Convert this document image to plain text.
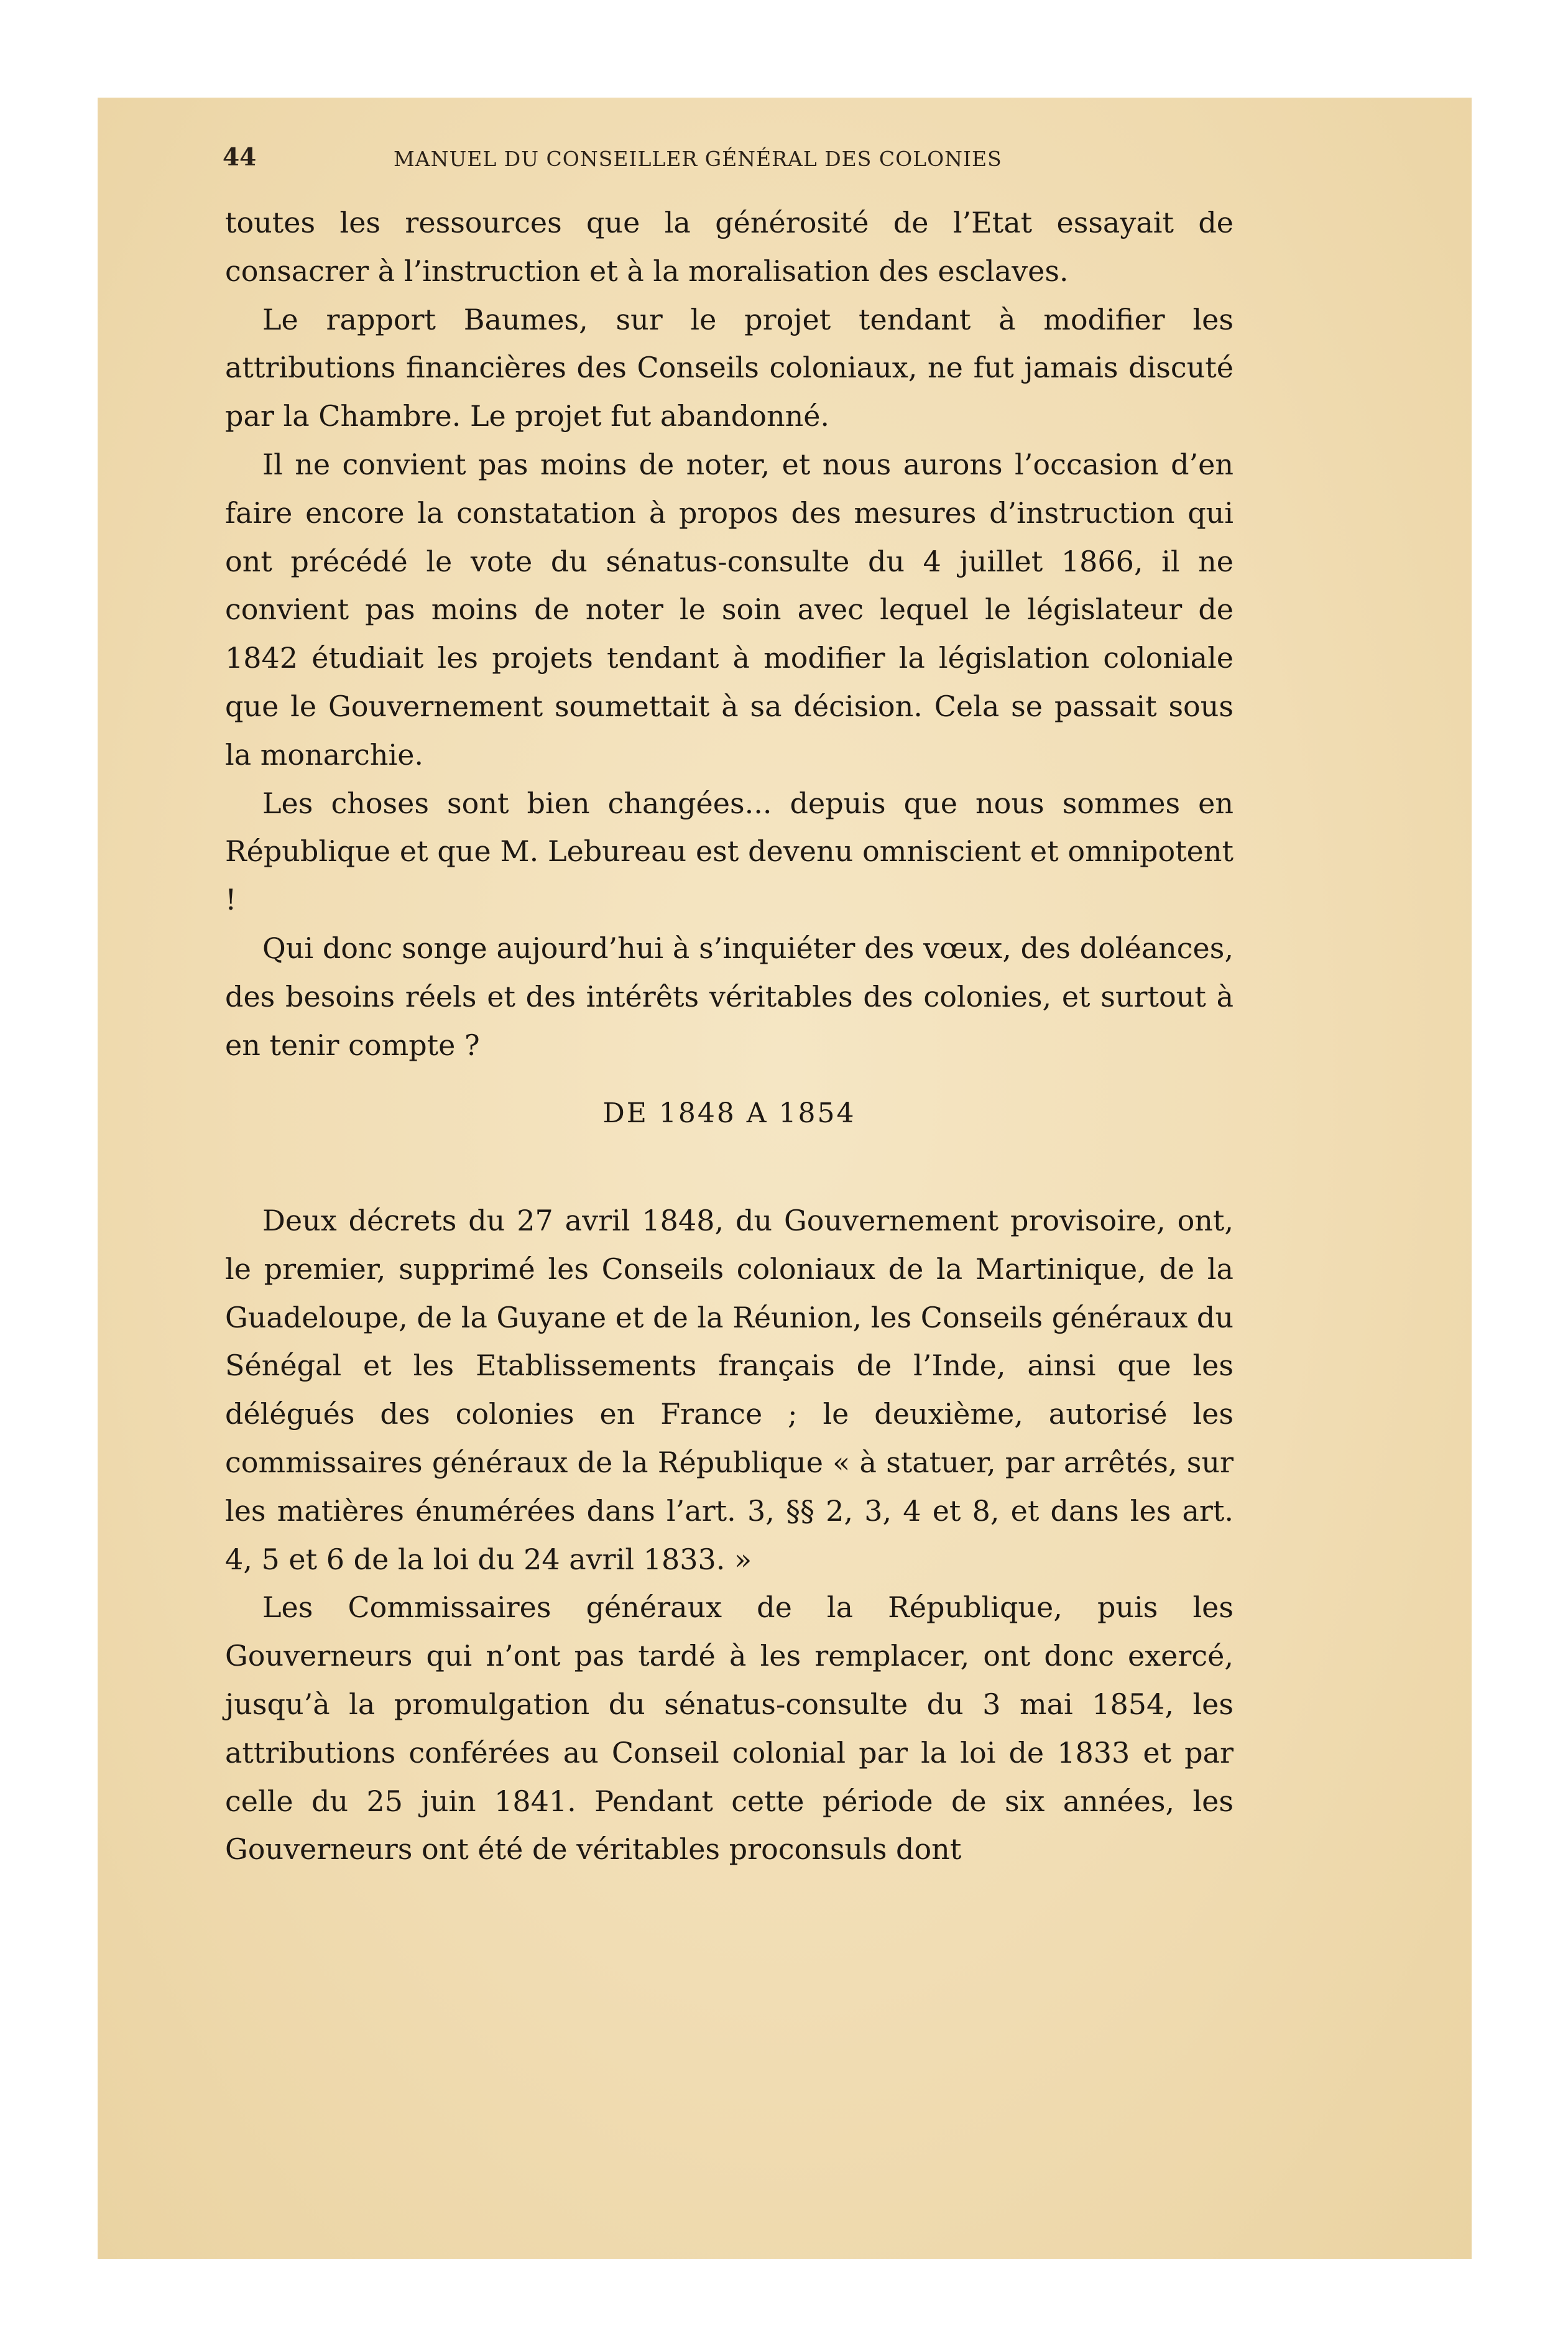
44	MANUEL DU CONSEILLER GÉNÉRAL DES COLONIES

toutes les ressources que la générosité de l’Etat essayait de consacrer à l’instruction et à la moralisation des esclaves.

Le rapport Baumes, sur le projet tendant à modifier les attributions financières des Conseils coloniaux, ne fut jamais discuté par la Chambre. Le projet fut abandonné.

Il ne convient pas moins de noter, et nous aurons l’occasion d’en faire encore la constatation à propos des mesures d’instruction qui ont précédé le vote du sénatus-consulte du 4 juillet 1866, il ne convient pas moins de noter le soin avec lequel le législateur de 1842 étudiait les projets tendant à modifier la législation coloniale que le Gouvernement soumettait à sa décision. Cela se passait sous la monarchie.

Les choses sont bien changées... depuis que nous sommes en République et que M. Lebureau est devenu omniscient et omnipotent !

Qui donc songe aujourd’hui à s’inquiéter des vœux, des doléances, des besoins réels et des intérêts véritables des colonies, et surtout à en tenir compte ?

DE 1848 A 1854

Deux décrets du 27 avril 1848, du Gouvernement provisoire, ont, le premier, supprimé les Conseils coloniaux de la Martinique, de la Guadeloupe, de la Guyane et de la Réunion, les Conseils généraux du Sénégal et les Etablissements français de l’Inde, ainsi que les délégués des colonies en France ; le deuxième, autorisé les commissaires généraux de la République « à statuer, par arrêtés, sur les matières énumérées dans l’art. 3, §§ 2, 3, 4 et 8, et dans les art. 4, 5 et 6 de la loi du 24 avril 1833. »

Les Commissaires généraux de la République, puis les Gouverneurs qui n’ont pas tardé à les remplacer, ont donc exercé, jusqu’à la promulgation du sénatus-consulte du 3 mai 1854, les attributions conférées au Conseil colonial par la loi de 1833 et par celle du 25 juin 1841. Pendant cette période de six années, les Gouverneurs ont été de véritables proconsuls dont
